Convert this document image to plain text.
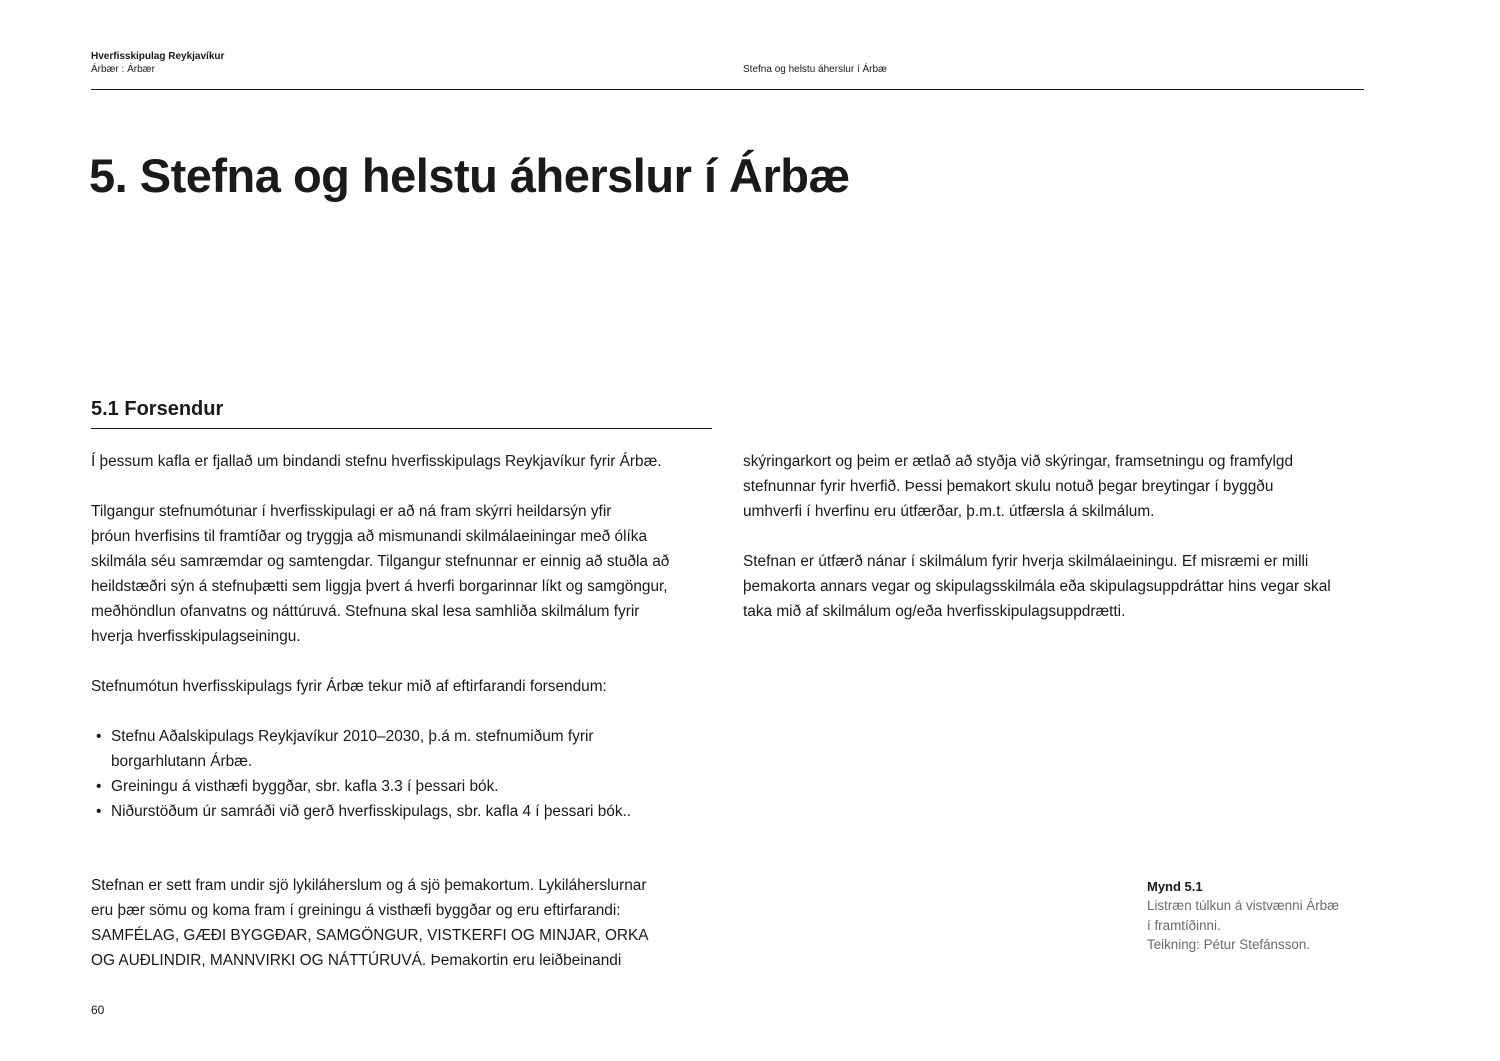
Hverfisskipulag Reykjavíkur
Árbær : Árbær	Stefna og helstu áherslur í Árbæ
5. Stefna og helstu áherslur í Árbæ
5.1 Forsendur

Í þessum kafla er fjallað um bindandi stefnu hverfisskipulags Reykjavíkur fyrir Árbæ.

Tilgangur stefnumótunar í hverfisskipulagi er að ná fram skýrri heildarsýn yfir
þróun hverfisins til framtíðar og tryggja að mismunandi skilmálaeiningar með ólíka
skilmála séu samræmdar og samtengdar. Tilgangur stefnunnar er einnig að stuðla að
heildstæðri sýn á stefnuþætti sem liggja þvert á hverfi borgarinnar líkt og samgöngur,
meðhöndlun ofanvatns og náttúruvá. Stefnuna skal lesa samhliða skilmálum fyrir
hverja hverfisskipulagseiningu.

Stefnumótun hverfisskipulags fyrir Árbæ tekur mið af eftirfarandi forsendum:

• Stefnu Aðalskipulags Reykjavíkur 2010–2030, þ.á m. stefnumiðum fyrir
borgarhlutann Árbæ.
• Greiningu á visthæfi byggðar, sbr. kafla 3.3 í þessari bók.
• Niðurstöðum úr samráði við gerð hverfisskipulags, sbr. kafla 4 í þessari bók..

Stefnan er sett fram undir sjö lykiláherslum og á sjö þemakortum. Lykiláherslurnar
eru þær sömu og koma fram í greiningu á visthæfi byggðar og eru eftirfarandi:
SAMFÉLAG, GÆÐI BYGGÐAR, SAMGÖNGUR, VISTKERFI OG MINJAR, ORKA
OG AUÐLINDIR, MANNVIRKI OG NÁTTÚRUVÁ. Þemakortin eru leiðbeinandi

skýringarkort og þeim er ætlað að styðja við skýringar, framsetningu og framfylgd
stefnunnar fyrir hverfið. Þessi þemakort skulu notuð þegar breytingar í byggðu
umhverfi í hverfinu eru útfærðar, þ.m.t. útfærsla á skilmálum.

Stefnan er útfærð nánar í skilmálum fyrir hverja skilmálaeiningu. Ef misræmi er milli
þemakorta annars vegar og skipulagsskilmála eða skipulagsuppdráttar hins vegar skal
taka mið af skilmálum og/eða hverfisskipulagsuppdrætti.

Mynd 5.1
Listræn túlkun á vistvænni Árbæ
í framtíðinni.
Teikning: Pétur Stefánsson.
60
